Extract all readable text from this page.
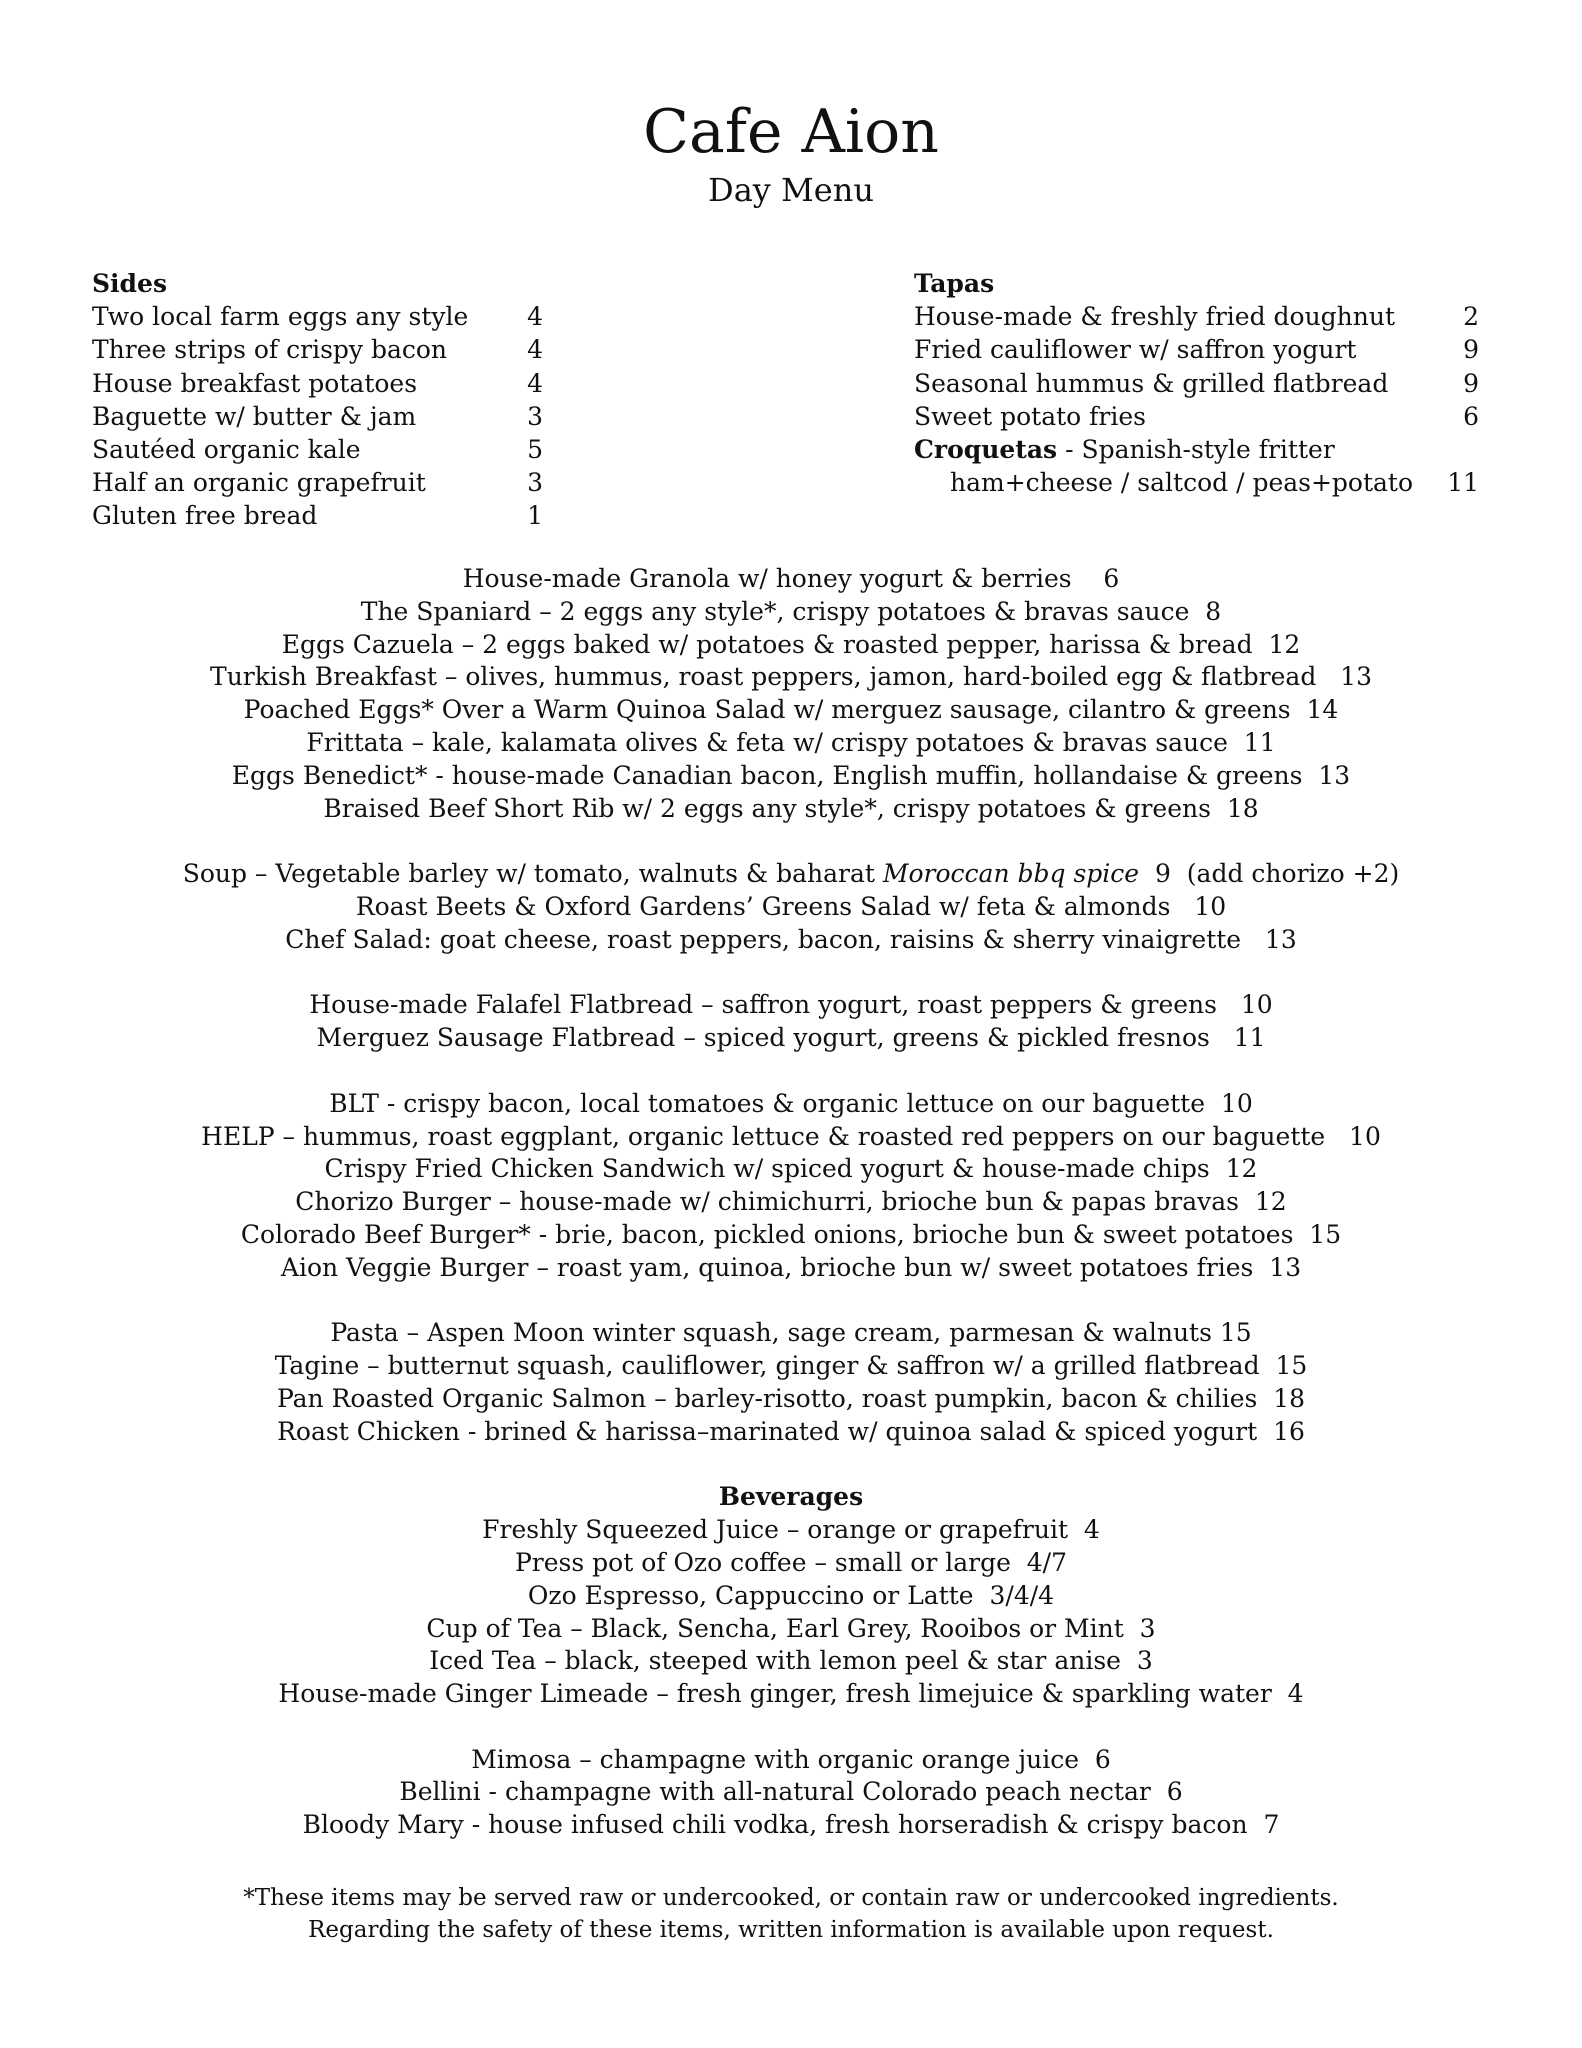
Cafe Aion
Day Menu
Sides
Two local farm eggs any style 4
Three strips of crispy bacon	4
House breakfast potatoes	4
Baguette w/ butter & jam	3
Sautéed organic kale	5
Half an organic grapefruit	3
Gluten free bread	1
Tapas
House-made & freshly fried doughnut	2
Fried cauliflower w/ saffron yogurt	9
Seasonal hummus & grilled flatbread	9
Sweet potato fries	6
Croquetas - Spanish-style fritter
ham+cheese / saltcod / peas+potato 11
House-made Granola w/ honey yogurt & berries    6
The Spaniard – 2 eggs any style*, crispy potatoes & bravas sauce  8
Eggs Cazuela – 2 eggs baked w/ potatoes & roasted pepper, harissa & bread  12
Turkish Breakfast – olives, hummus, roast peppers, jamon, hard-boiled egg & flatbread   13
Poached Eggs* Over a Warm Quinoa Salad w/ merguez sausage, cilantro & greens  14
Frittata – kale, kalamata olives & feta w/ crispy potatoes & bravas sauce  11
Eggs Benedict* - house-made Canadian bacon, English muffin, hollandaise & greens  13
Braised Beef Short Rib w/ 2 eggs any style*, crispy potatoes & greens  18
Soup – Vegetable barley w/ tomato, walnuts & baharat Moroccan bbq spice  9  (add chorizo +2)
Roast Beets & Oxford Gardens’ Greens Salad w/ feta & almonds   10
Chef Salad: goat cheese, roast peppers, bacon, raisins & sherry vinaigrette   13
House-made Falafel Flatbread – saffron yogurt, roast peppers & greens   10
Merguez Sausage Flatbread – spiced yogurt, greens & pickled fresnos   11
BLT - crispy bacon, local tomatoes & organic lettuce on our baguette  10
HELP – hummus, roast eggplant, organic lettuce & roasted red peppers on our baguette   10
Crispy Fried Chicken Sandwich w/ spiced yogurt & house-made chips  12
Chorizo Burger – house-made w/ chimichurri, brioche bun & papas bravas  12
Colorado Beef Burger* - brie, bacon, pickled onions, brioche bun & sweet potatoes  15
Aion Veggie Burger – roast yam, quinoa, brioche bun w/ sweet potatoes fries  13
Pasta – Aspen Moon winter squash, sage cream, parmesan & walnuts 15
Tagine – butternut squash, cauliflower, ginger & saffron w/ a grilled flatbread  15
Pan Roasted Organic Salmon – barley-risotto, roast pumpkin, bacon & chilies  18
Roast Chicken - brined & harissa–marinated w/ quinoa salad & spiced yogurt  16
Beverages
Freshly Squeezed Juice – orange or grapefruit  4
Press pot of Ozo coffee – small or large  4/7
Ozo Espresso, Cappuccino or Latte  3/4/4
Cup of Tea – Black, Sencha, Earl Grey, Rooibos or Mint  3
Iced Tea – black, steeped with lemon peel & star anise  3
House-made Ginger Limeade – fresh ginger, fresh limejuice & sparkling water  4
Mimosa – champagne with organic orange juice  6
Bellini - champagne with all-natural Colorado peach nectar  6
Bloody Mary - house infused chili vodka, fresh horseradish & crispy bacon  7
*These items may be served raw or undercooked, or contain raw or undercooked ingredients.
Regarding the safety of these items, written information is available upon request.
